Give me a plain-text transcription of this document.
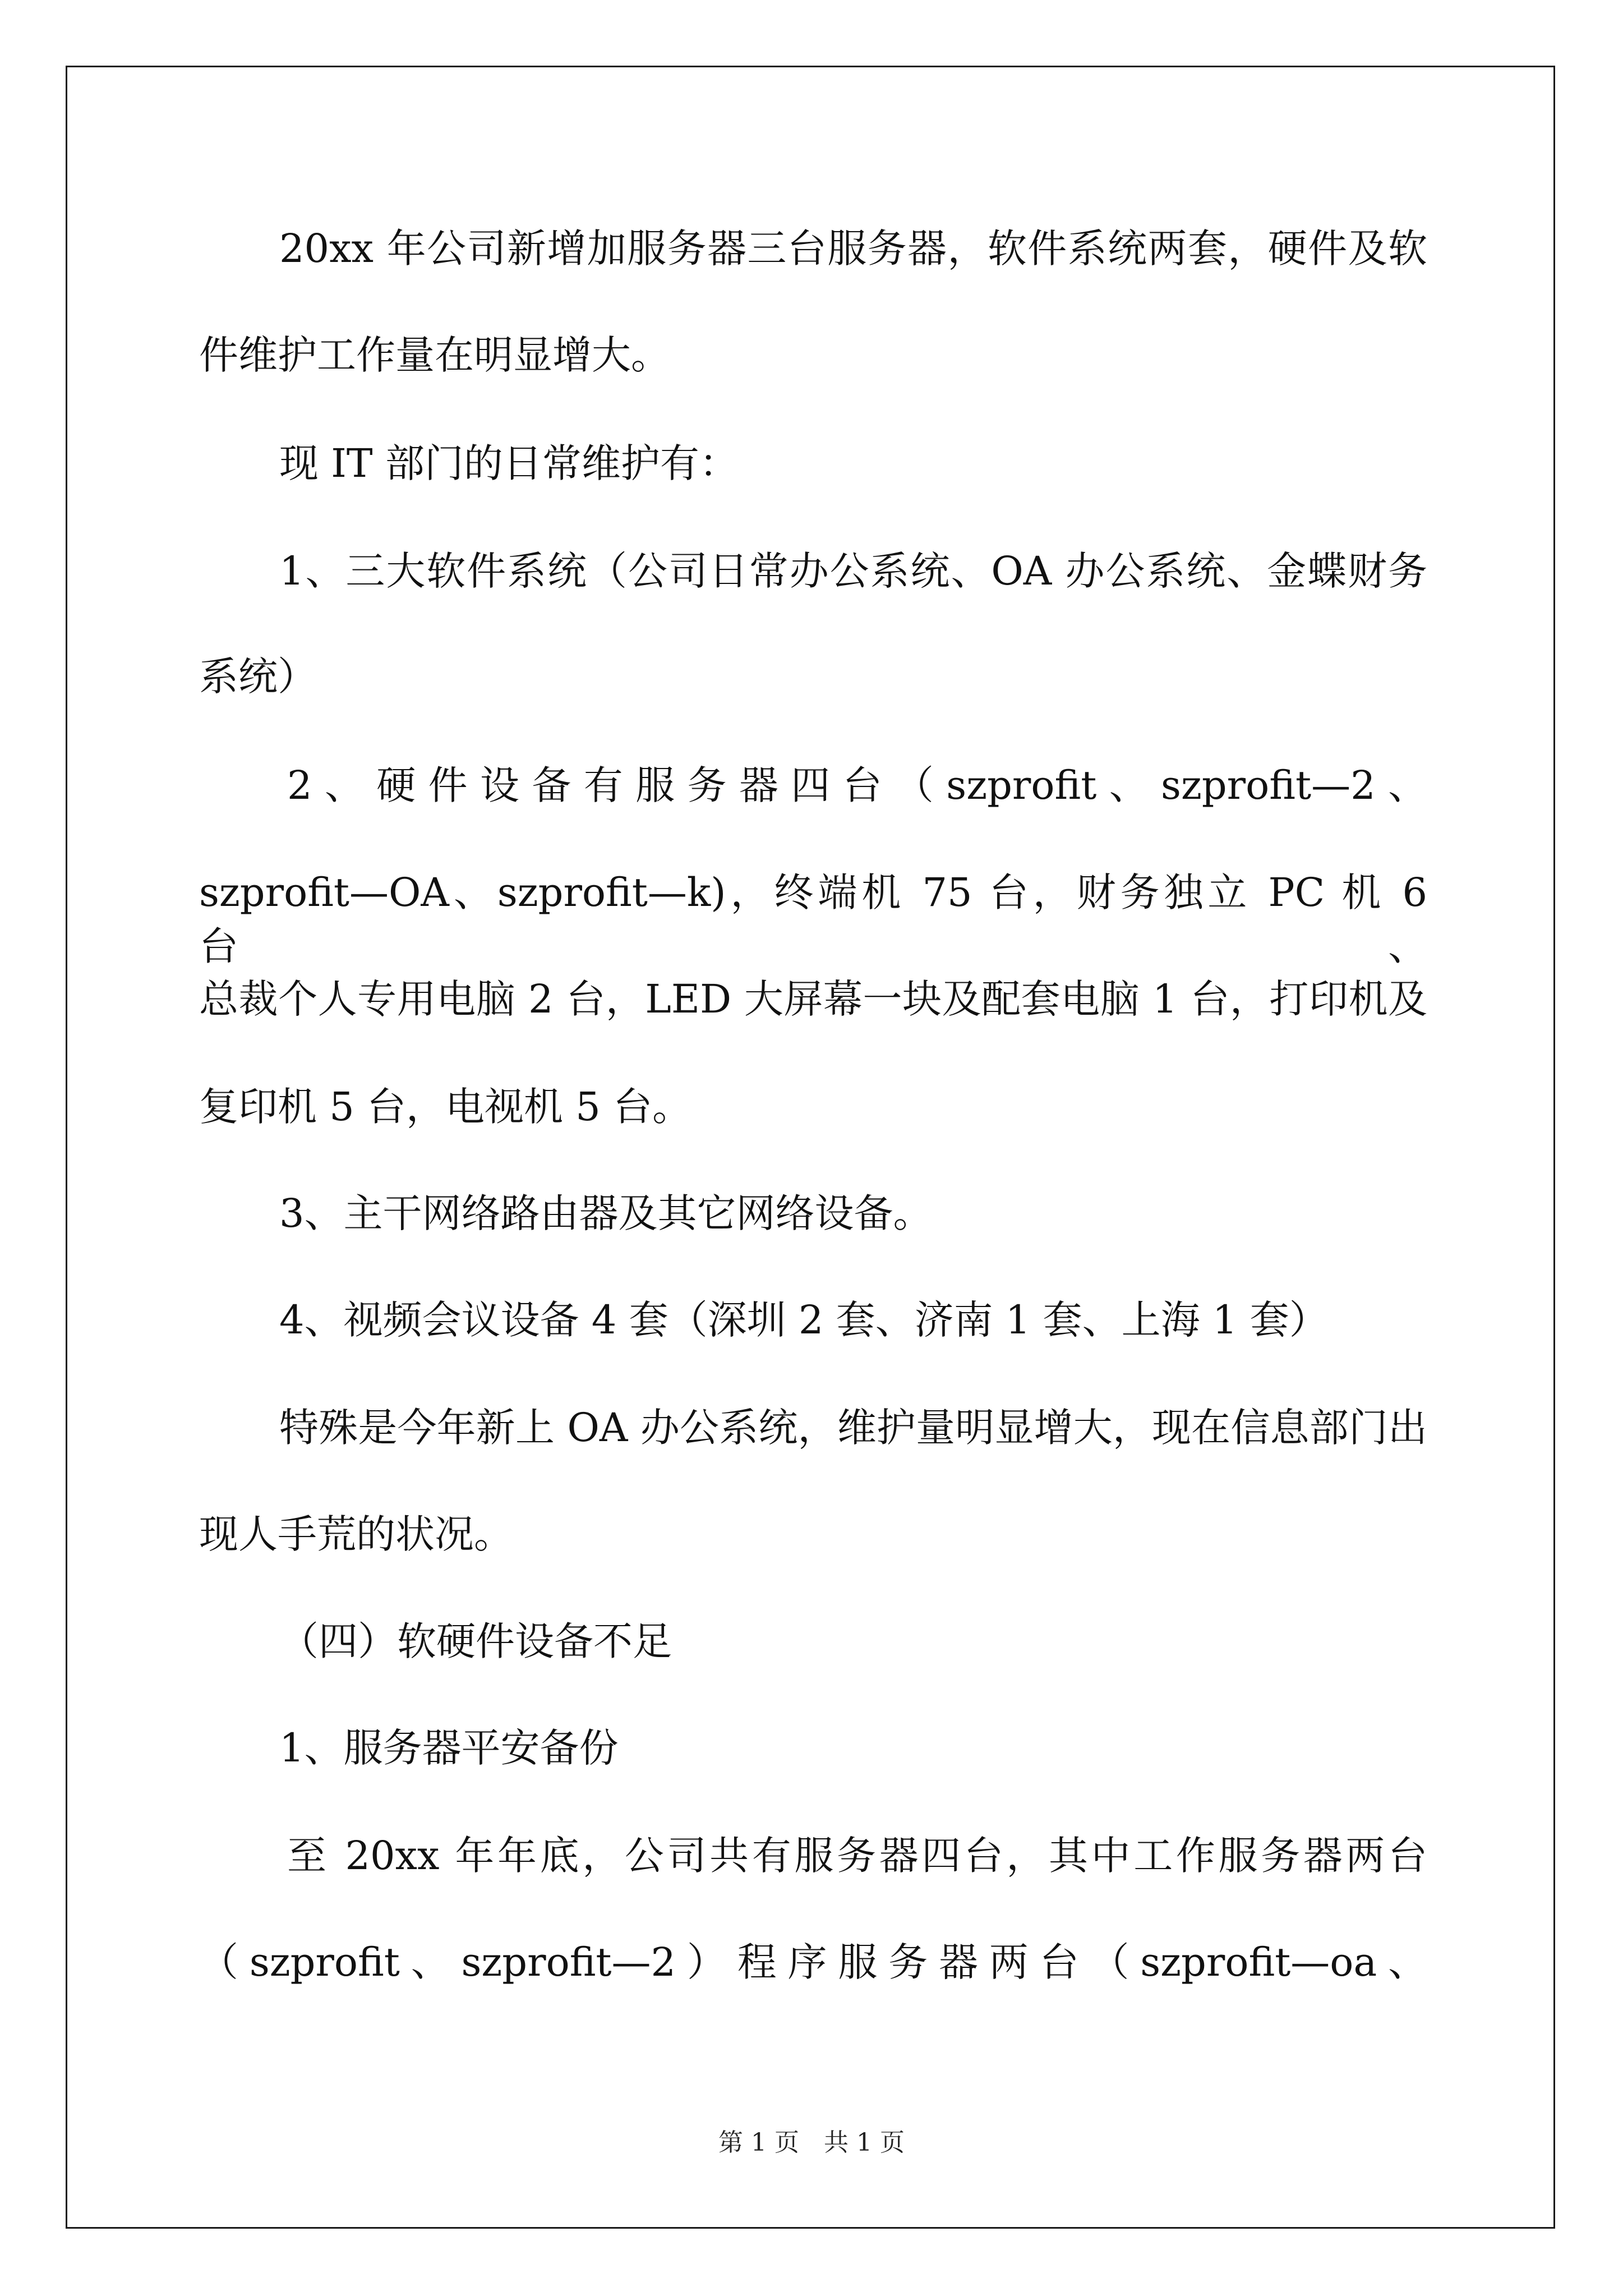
20xx 年公司新增加服务器三台服务器，软件系统两套，硬件及软
件维护工作量在明显增大。
现 IT 部门的日常维护有：
1、三大软件系统（公司日常办公系统、OA 办公系统、金蝶财务
系统）
2、硬件设备有服务器四台（szprofit、szprofit—2、
szprofit—OA、szprofit—k)，终端机 75 台，财务独立 PC 机 6 台、
总裁个人专用电脑 2 台，LED 大屏幕一块及配套电脑 1 台，打印机及
复印机 5 台，电视机 5 台。
3、主干网络路由器及其它网络设备。
4、视频会议设备 4 套（深圳 2 套、济南 1 套、上海 1 套）
特殊是今年新上 OA 办公系统，维护量明显增大，现在信息部门出
现人手荒的状况。
（四）软硬件设备不足
1、服务器平安备份
至 20xx 年年底，公司共有服务器四台，其中工作服务器两台
（szprofit、szprofit—2）程序服务器两台（szprofit—oa、
第 1 页　共 1 页
